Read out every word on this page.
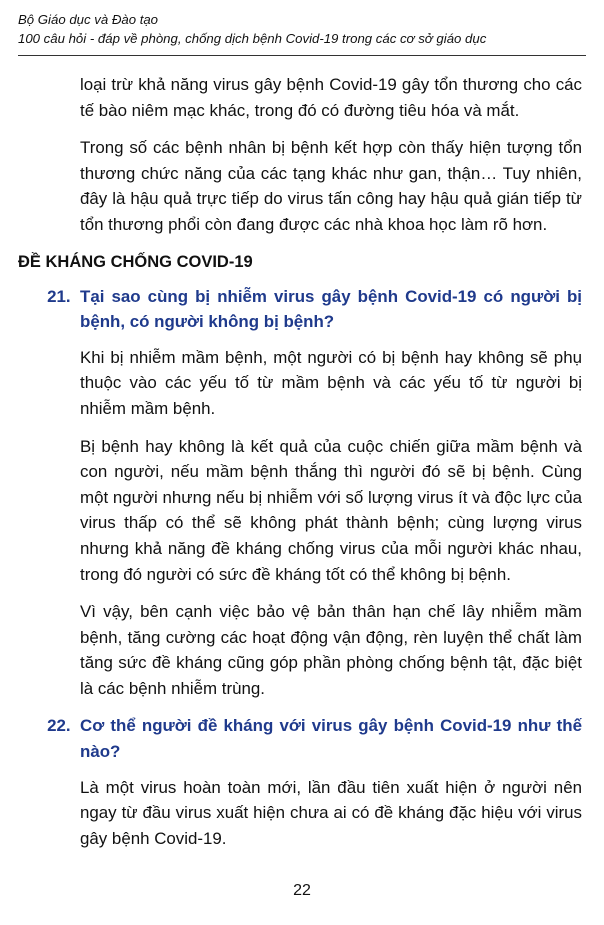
Bộ Giáo dục và Đào tạo
100 câu hỏi - đáp về phòng, chống dịch bệnh Covid-19 trong các cơ sở giáo dục

loại trừ khả năng virus gây bệnh Covid-19 gây tổn thương cho các tế bào niêm mạc khác, trong đó có đường tiêu hóa và mắt.

Trong số các bệnh nhân bị bệnh kết hợp còn thấy hiện tượng tổn thương chức năng của các tạng khác như gan, thận… Tuy nhiên, đây là hậu quả trực tiếp do virus tấn công hay hậu quả gián tiếp từ tổn thương phổi còn đang được các nhà khoa học làm rõ hơn.

ĐỀ KHÁNG CHỐNG COVID-19
21. Tại sao cùng bị nhiễm virus gây bệnh Covid-19 có người bị bệnh, có người không bị bệnh?

Khi bị nhiễm mầm bệnh, một người có bị bệnh hay không sẽ phụ thuộc vào các yếu tố từ mầm bệnh và các yếu tố từ người bị nhiễm mầm bệnh.

Bị bệnh hay không là kết quả của cuộc chiến giữa mầm bệnh và con người, nếu mầm bệnh thắng thì người đó sẽ bị bệnh. Cùng một người nhưng nếu bị nhiễm với số lượng virus ít và độc lực của virus thấp có thể sẽ không phát thành bệnh; cùng lượng virus nhưng khả năng đề kháng chống virus của mỗi người khác nhau, trong đó người có sức đề kháng tốt có thể không bị bệnh.

Vì vậy, bên cạnh việc bảo vệ bản thân hạn chế lây nhiễm mầm bệnh, tăng cường các hoạt động vận động, rèn luyện thể chất làm tăng sức đề kháng cũng góp phần phòng chống bệnh tật, đặc biệt là các bệnh nhiễm trùng.

22. Cơ thể người đề kháng với virus gây bệnh Covid-19 như thế nào?

Là một virus hoàn toàn mới, lần đầu tiên xuất hiện ở người nên ngay từ đầu virus xuất hiện chưa ai có đề kháng đặc hiệu với virus gây bệnh Covid-19.

22
